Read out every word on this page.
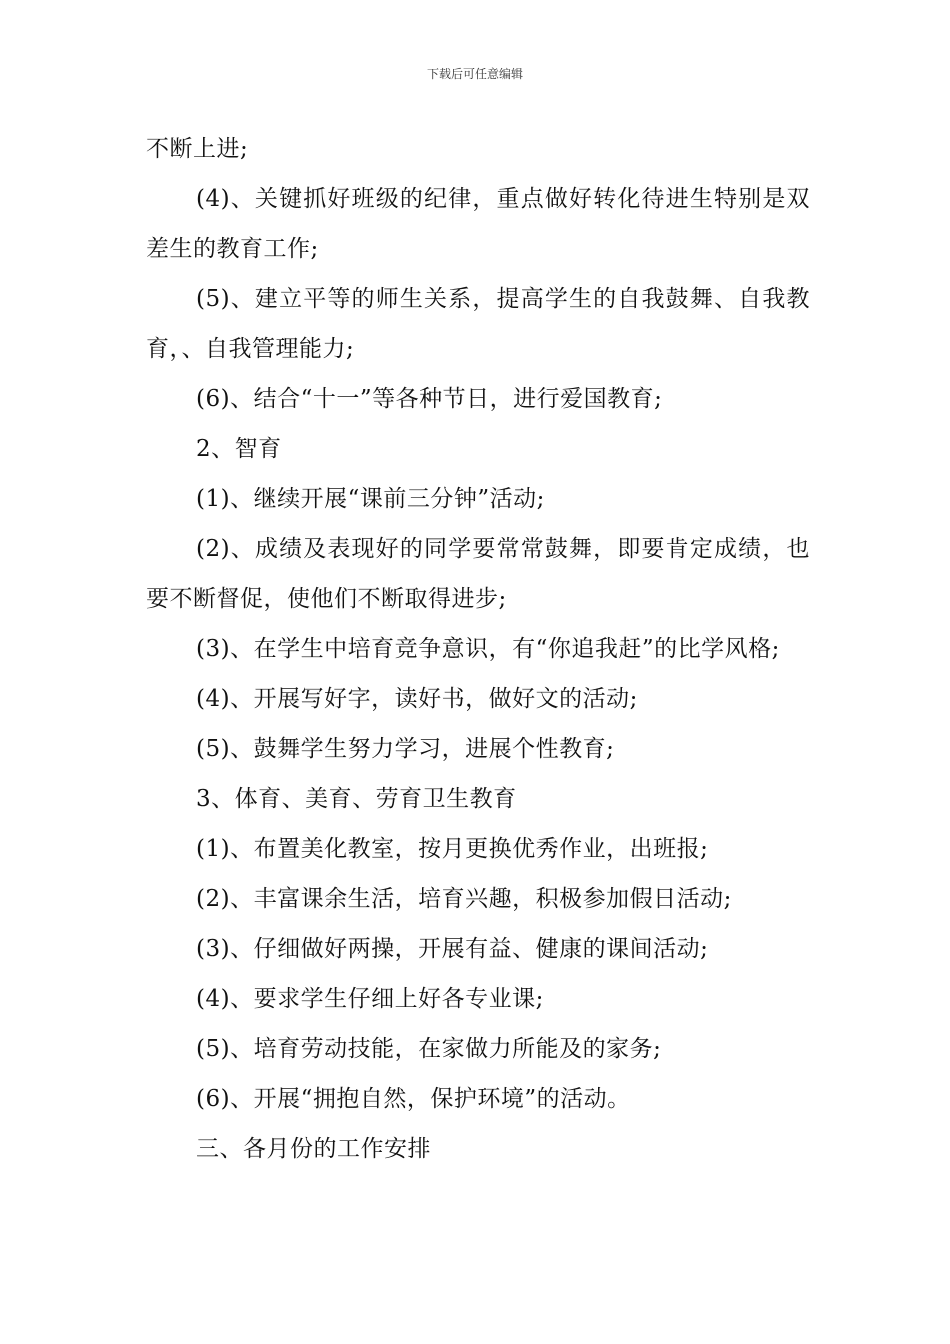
下载后可任意编辑

不断上进;

(4)、关键抓好班级的纪律，重点做好转化待进生特别是双差生的教育工作;

(5)、建立平等的师生关系，提高学生的自我鼓舞、自我教育，、自我管理能力;

(6)、结合“十一”等各种节日，进行爱国教育;

2、智育

(1)、继续开展“课前三分钟”活动;

(2)、成绩及表现好的同学要常常鼓舞，即要肯定成绩，也要不断督促，使他们不断取得进步;

(3)、在学生中培育竞争意识，有“你追我赶”的比学风格;

(4)、开展写好字，读好书，做好文的活动;

(5)、鼓舞学生努力学习，进展个性教育;

3、体育、美育、劳育卫生教育

(1)、布置美化教室，按月更换优秀作业，出班报;

(2)、丰富课余生活，培育兴趣，积极参加假日活动;

(3)、仔细做好两操，开展有益、健康的课间活动;

(4)、要求学生仔细上好各专业课;

(5)、培育劳动技能，在家做力所能及的家务;

(6)、开展“拥抱自然，保护环境”的活动。

三、各月份的工作安排
